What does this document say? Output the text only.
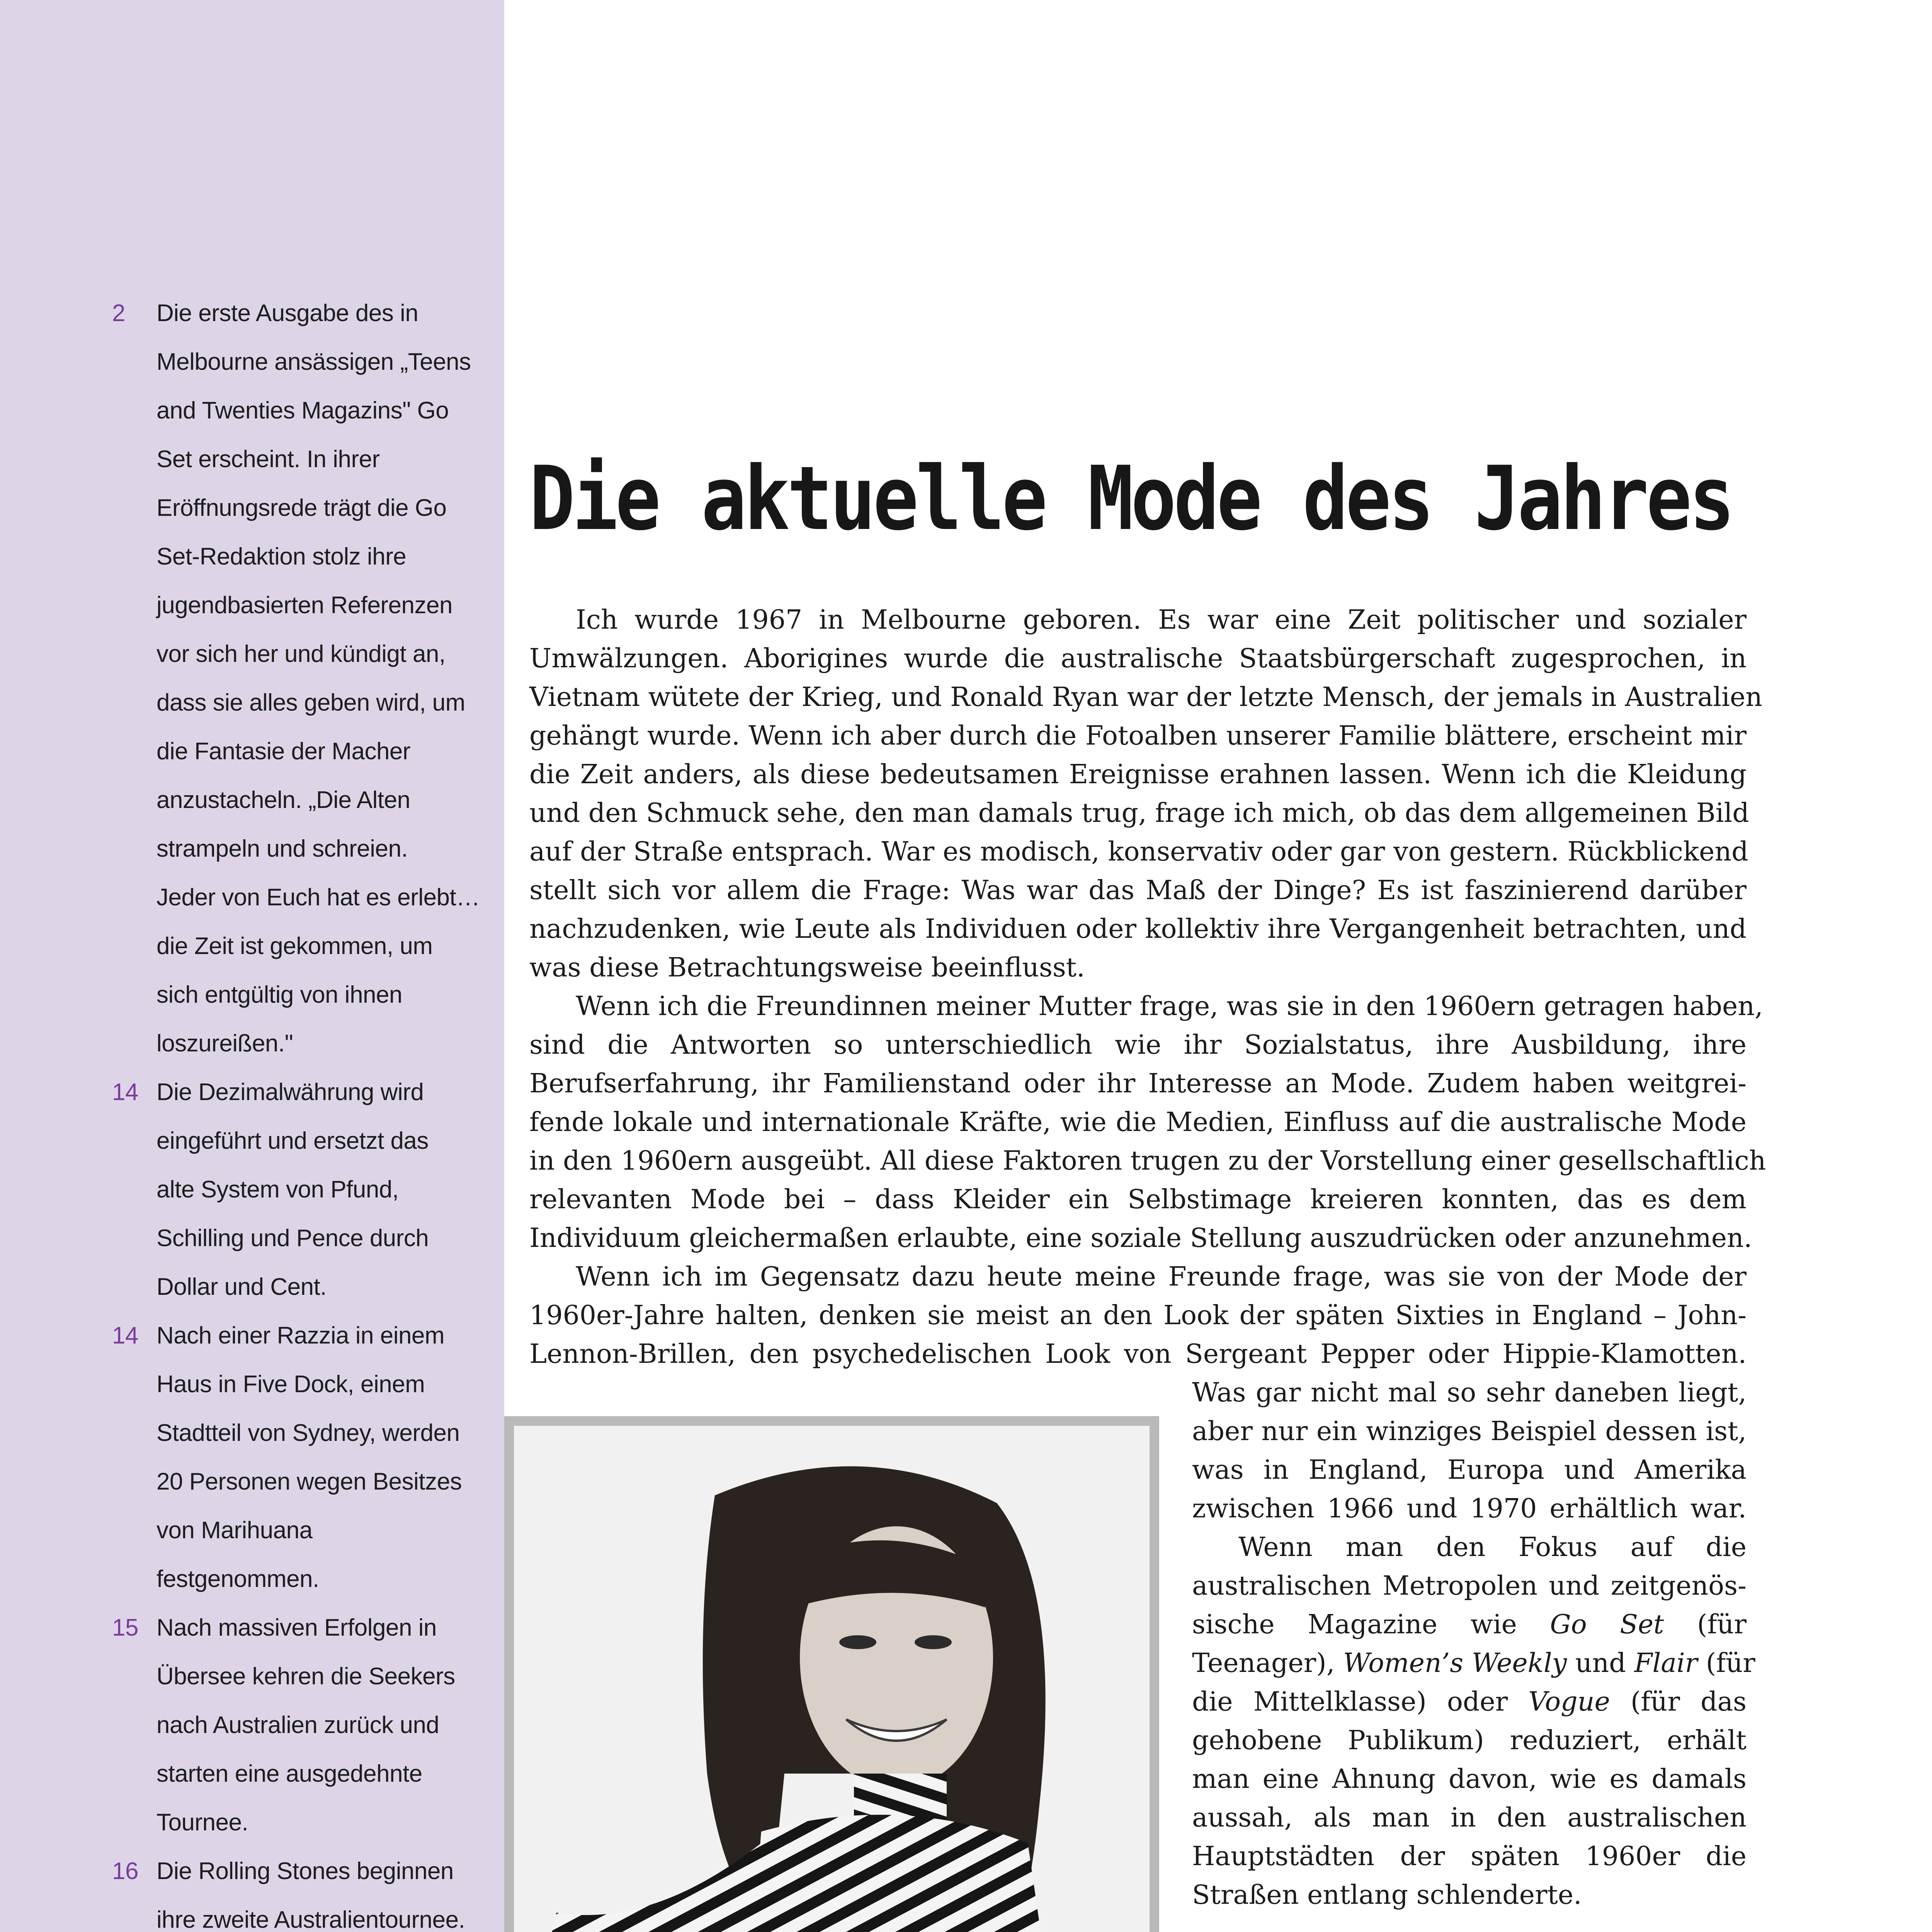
2	Die erste Ausgabe des in
Melbourne ansässigen „Teens
and Twenties Magazins" Go
Set erscheint. In ihrer
Eröffnungsrede trägt die Go
Set-Redaktion stolz ihre
jugendbasierten Referenzen
vor sich her und kündigt an,
dass sie alles geben wird, um
die Fantasie der Macher
anzustacheln. „Die Alten
strampeln und schreien.
Jeder von Euch hat es erlebt…
die Zeit ist gekommen, um
sich entgültig von ihnen
loszureißen."
14 Die Dezimalwährung wird
eingeführt und ersetzt das
alte System von Pfund,
Schilling und Pence durch
Dollar und Cent.
14 Nach einer Razzia in einem
Haus in Five Dock, einem
Stadtteil von Sydney, werden
20 Personen wegen Besitzes
von Marihuana
festgenommen.
15 Nach massiven Erfolgen in
Übersee kehren die Seekers
nach Australien zurück und
starten eine ausgedehnte
Tournee.
16 Die Rolling Stones beginnen
ihre zweite Australientournee.
Die aktuelle Mode des Jahres
Ich wurde 1967 in Melbourne geboren. Es war eine Zeit politischer und sozialer
Umwälzungen. Aborigines wurde die australische Staatsbürgerschaft zugesprochen, in
Vietnam wütete der Krieg, und Ronald Ryan war der letzte Mensch, der jemals in Australien
gehängt wurde. Wenn ich aber durch die Fotoalben unserer Familie blättere, erscheint mir
die Zeit anders, als diese bedeutsamen Ereignisse erahnen lassen. Wenn ich die Kleidung
und den Schmuck sehe, den man damals trug, frage ich mich, ob das dem allgemeinen Bild
auf der Straße entsprach. War es modisch, konservativ oder gar von gestern. Rückblickend
stellt sich vor allem die Frage: Was war das Maß der Dinge? Es ist faszinierend darüber
nachzudenken, wie Leute als Individuen oder kollektiv ihre Vergangenheit betrachten, und
was diese Betrachtungsweise beeinflusst.
Wenn ich die Freundinnen meiner Mutter frage, was sie in den 1960ern getragen haben,
sind die Antworten so unterschiedlich wie ihr Sozialstatus, ihre Ausbildung, ihre
Berufserfahrung, ihr Familienstand oder ihr Interesse an Mode. Zudem haben weitgrei-
fende lokale und internationale Kräfte, wie die Medien, Einfluss auf die australische Mode
in den 1960ern ausgeübt. All diese Faktoren trugen zu der Vorstellung einer gesellschaftlich
relevanten Mode bei – dass Kleider ein Selbstimage kreieren konnten, das es dem
Individuum gleichermaßen erlaubte, eine soziale Stellung auszudrücken oder anzunehmen.
Wenn ich im Gegensatz dazu heute meine Freunde frage, was sie von der Mode der
1960er-Jahre halten, denken sie meist an den Look der späten Sixties in England – John-
Lennon-Brillen, den psychedelischen Look von Sergeant Pepper oder Hippie-Klamotten.
Was gar nicht mal so sehr daneben liegt,
aber nur ein winziges Beispiel dessen ist,
was in England, Europa und Amerika
zwischen 1966 und 1970 erhältlich war.
Wenn man den Fokus auf die
australischen Metropolen und zeitgenös-
sische Magazine wie Go Set (für
Teenager), Women’s Weekly und Flair (für
die Mittelklasse) oder Vogue (für das
gehobene Publikum) reduziert, erhält
man eine Ahnung davon, wie es damals
aussah, als man in den australischen
Hauptstädten der späten 1960er die
Straßen entlang schlenderte.
